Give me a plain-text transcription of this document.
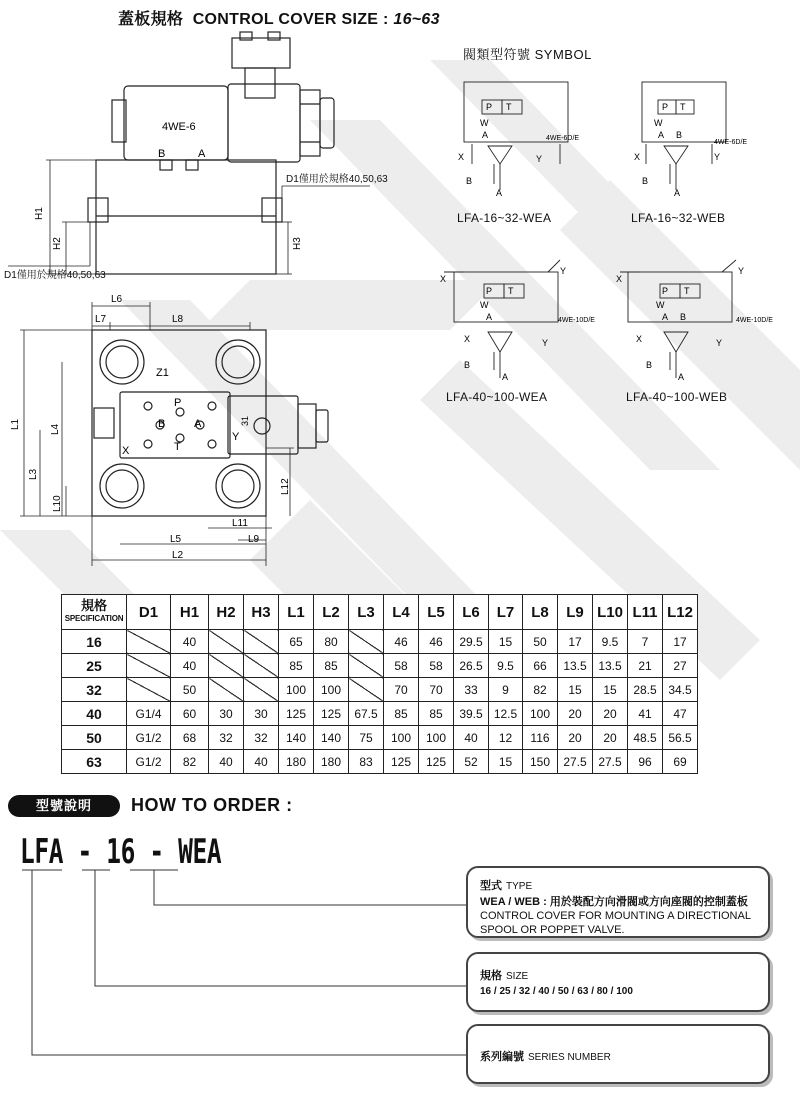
蓋板規格 CONTROL COVER SIZE : 16~63
4WE-6
B	A
H1
H2	H3
D1僅用於規格40,50,63
D1僅用於規格40,50,63
L6
L7	L8
L1	L4
L3
L10
L12
L11
L5	L9
L2
Z1
P
B	A
T
X
Y
31
閥類型符號 SYMBOL
P T
W
A	4WE-6D/E
X	Y
B
A
P T
W
A B
4WE-6D/E
X	Y
B
A
X
Y
P T
W
A	4WE-10D/E
X	Y
B
A
X
Y
P T
W
A B	4WE-10D/E
X	Y
B
A
LFA-16~32-WEA	LFA-16~32-WEB
LFA-40~100-WEA	LFA-40~100-WEB
規格
SPECIFICATION	D1	H1	H2	H3	L1	L2	L3	L4	L5	L6	L7	L8	L9	L10	L11	L12
16		40			65	80		46	46	29.5	15	50	17	9.5	7	17
25		40			85	85		58	58	26.5	9.5	66	13.5	13.5	21	27
32		50			100	100		70	70	33	9	82	15	15	28.5	34.5
40	G1/4	60	30	30	125	125	67.5	85	85	39.5	12.5	100	20	20	41	47
50	G1/2	68	32	32	140	140	75	100	100	40	12	116	20	20	48.5	56.5
63	G1/2	82	40	40	180	180	83	125	125	52	15	150	27.5	27.5	96	69
型號說明	HOW TO ORDER :
LFA - 16 - WEA
型式 TYPE
WEA / WEB : 用於裝配方向滑閥或方向座閥的控制蓋板
CONTROL COVER FOR MOUNTING A DIRECTIONAL
SPOOL OR POPPET VALVE.
規格 SIZE
16 / 25 / 32 / 40 / 50 / 63 / 80 / 100
系列編號 SERIES NUMBER
